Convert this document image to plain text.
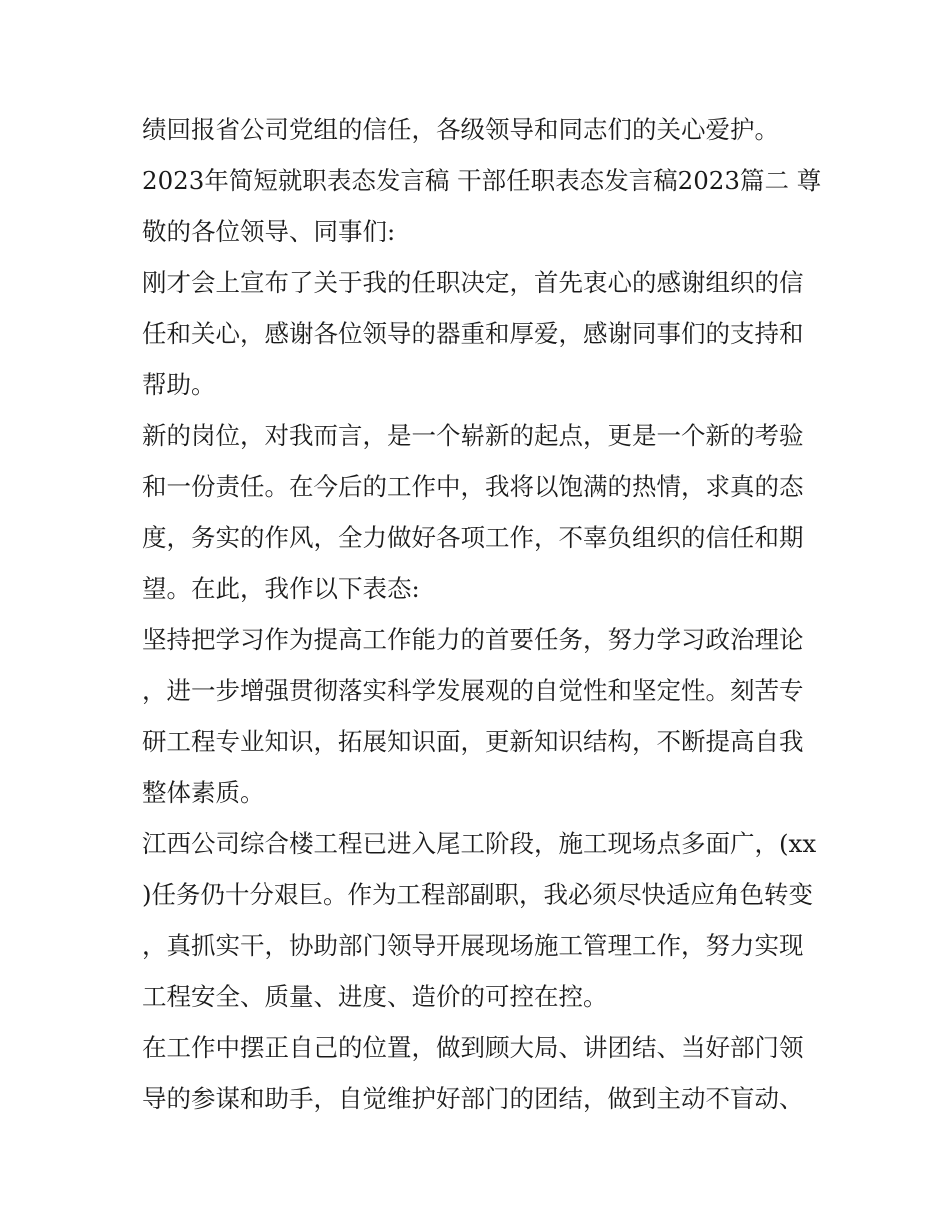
绩回报省公司党组的信任，各级领导和同志们的关心爱护。

2023年简短就职表态发言稿 干部任职表态发言稿2023篇二 尊敬的各位领导、同事们:

刚才会上宣布了关于我的任职决定，首先衷心的感谢组织的信任和关心，感谢各位领导的器重和厚爱，感谢同事们的支持和帮助。

新的岗位，对我而言，是一个崭新的起点，更是一个新的考验和一份责任。在今后的工作中，我将以饱满的热情，求真的态度，务实的作风，全力做好各项工作，不辜负组织的信任和期望。在此，我作以下表态:

坚持把学习作为提高工作能力的首要任务，努力学习政治理论，进一步增强贯彻落实科学发展观的自觉性和坚定性。刻苦专研工程专业知识，拓展知识面，更新知识结构，不断提高自我整体素质。

江西公司综合楼工程已进入尾工阶段，施工现场点多面广，(xx)任务仍十分艰巨。作为工程部副职，我必须尽快适应角色转变，真抓实干，协助部门领导开展现场施工管理工作，努力实现工程安全、质量、进度、造价的可控在控。

在工作中摆正自己的位置，做到顾大局、讲团结、当好部门领导的参谋和助手，自觉维护好部门的团结，做到主动不盲动、
